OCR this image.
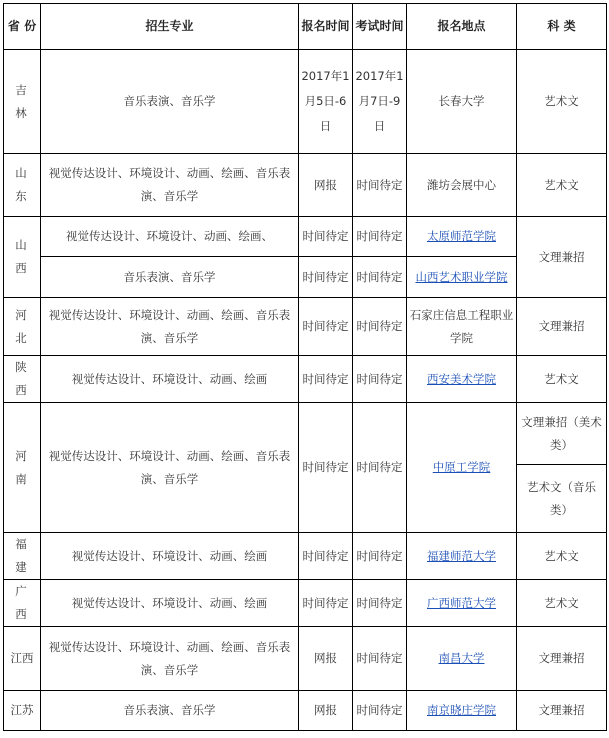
省 份	招生专业	报名时间	考试时间	报名地点	科 类
吉 林	音乐表演、音乐学	2017年1月5日-6日	2017年1月7日-9日	长春大学	艺术文
山 东	视觉传达设计、环境设计、动画、绘画、音乐表演、音乐学	网报	时间待定	潍坊会展中心	艺术文
山 西	视觉传达设计、环境设计、动画、绘画、	时间待定	时间待定	太原师范学院	文理兼招
	音乐表演、音乐学	时间待定	时间待定	山西艺术职业学院	
河 北	视觉传达设计、环境设计、动画、绘画、音乐表演、音乐学	时间待定	时间待定	石家庄信息工程职业学院	文理兼招
陕 西	视觉传达设计、环境设计、动画、绘画	时间待定	时间待定	西安美术学院	艺术文
河 南	视觉传达设计、环境设计、动画、绘画、音乐表演、音乐学	时间待定	时间待定	中原工学院	文理兼招（美术类）
					艺术文（音乐类）
福 建	视觉传达设计、环境设计、动画、绘画	时间待定	时间待定	福建师范大学	艺术文
广 西	视觉传达设计、环境设计、动画、绘画	时间待定	时间待定	广西师范大学	艺术文
江西	视觉传达设计、环境设计、动画、绘画、音乐表演、音乐学	网报	时间待定	南昌大学	文理兼招
江苏	音乐表演、音乐学	网报	时间待定	南京晓庄学院	文理兼招
